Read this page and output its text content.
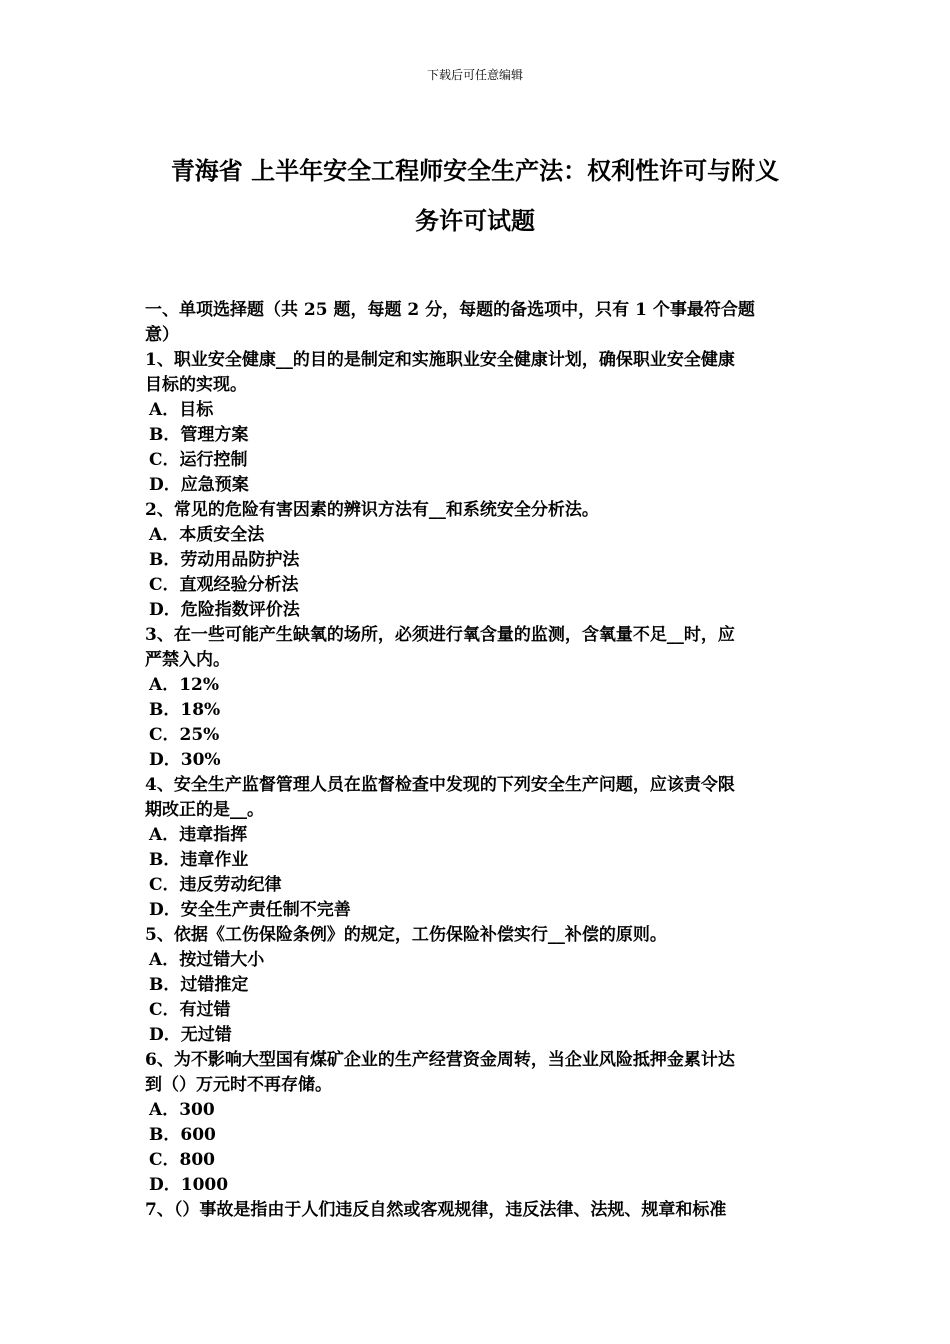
下载后可任意编辑
青海省 上半年安全工程师安全生产法：权利性许可与附义
务许可试题
一、单项选择题（共 25 题，每题 2 分，每题的备选项中，只有 1 个事最符合题
意）
1、职业安全健康__的目的是制定和实施职业安全健康计划，确保职业安全健康
目标的实现。
A．目标
B．管理方案
C．运行控制
D．应急预案
2、常见的危险有害因素的辨识方法有__和系统安全分析法。
A．本质安全法
B．劳动用品防护法
C．直观经验分析法
D．危险指数评价法
3、在一些可能产生缺氧的场所，必须进行氧含量的监测，含氧量不足__时，应
严禁入内。
A．12%
B．18%
C．25%
D．30%
4、安全生产监督管理人员在监督检查中发现的下列安全生产问题，应该责令限
期改正的是__。
A．违章指挥
B．违章作业
C．违反劳动纪律
D．安全生产责任制不完善
5、依据《工伤保险条例》的规定，工伤保险补偿实行__补偿的原则。
A．按过错大小
B．过错推定
C．有过错
D．无过错
6、为不影响大型国有煤矿企业的生产经营资金周转，当企业风险抵押金累计达
到（）万元时不再存储。
A．300
B．600
C．800
D．1000
7、（）事故是指由于人们违反自然或客观规律，违反法律、法规、规章和标准
